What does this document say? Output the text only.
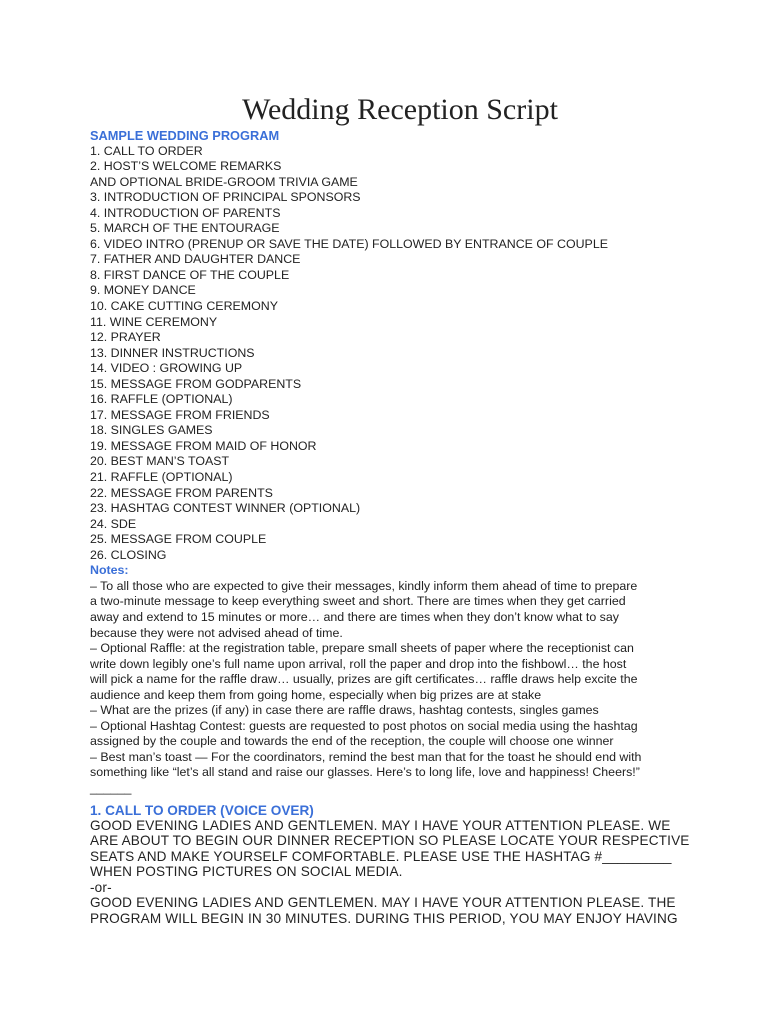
Wedding Reception Script
SAMPLE WEDDING PROGRAM
1. CALL TO ORDER
2. HOST’S WELCOME REMARKS
AND OPTIONAL BRIDE-GROOM TRIVIA GAME
3. INTRODUCTION OF PRINCIPAL SPONSORS
4. INTRODUCTION OF PARENTS
5. MARCH OF THE ENTOURAGE
6. VIDEO INTRO (PRENUP OR SAVE THE DATE) FOLLOWED BY ENTRANCE OF COUPLE
7. FATHER AND DAUGHTER DANCE
8. FIRST DANCE OF THE COUPLE
9. MONEY DANCE
10. CAKE CUTTING CEREMONY
11. WINE CEREMONY
12. PRAYER
13. DINNER INSTRUCTIONS
14. VIDEO : GROWING UP
15. MESSAGE FROM GODPARENTS
16. RAFFLE (OPTIONAL)
17. MESSAGE FROM FRIENDS
18. SINGLES GAMES
19. MESSAGE FROM MAID OF HONOR
20. BEST MAN’S TOAST
21. RAFFLE (OPTIONAL)
22. MESSAGE FROM PARENTS
23. HASHTAG CONTEST WINNER (OPTIONAL)
24. SDE
25. MESSAGE FROM COUPLE
26. CLOSING
Notes:
– To all those who are expected to give their messages, kindly inform them ahead of time to prepare
a two-minute message to keep everything sweet and short. There are times when they get carried
away and extend to 15 minutes or more… and there are times when they don’t know what to say
because they were not advised ahead of time.
– Optional Raffle: at the registration table, prepare small sheets of paper where the receptionist can
write down legibly one’s full name upon arrival, roll the paper and drop into the fishbowl… the host
will pick a name for the raffle draw… usually, prizes are gift certificates… raffle draws help excite the
audience and keep them from going home, especially when big prizes are at stake
– What are the prizes (if any) in case there are raffle draws, hashtag contests, singles games
– Optional Hashtag Contest: guests are requested to post photos on social media using the hashtag
assigned by the couple and towards the end of the reception, the couple will choose one winner
– Best man’s toast — For the coordinators, remind the best man that for the toast he should end with
something like “let’s all stand and raise our glasses. Here’s to long life, love and happiness! Cheers!”
______
1. CALL TO ORDER (VOICE OVER)
GOOD EVENING LADIES AND GENTLEMEN. MAY I HAVE YOUR ATTENTION PLEASE. WE
ARE ABOUT TO BEGIN OUR DINNER RECEPTION SO PLEASE LOCATE YOUR RESPECTIVE
SEATS AND MAKE YOURSELF COMFORTABLE. PLEASE USE THE HASHTAG #_________
WHEN POSTING PICTURES ON SOCIAL MEDIA.
-or-
GOOD EVENING LADIES AND GENTLEMEN. MAY I HAVE YOUR ATTENTION PLEASE. THE
PROGRAM WILL BEGIN IN 30 MINUTES. DURING THIS PERIOD, YOU MAY ENJOY HAVING
